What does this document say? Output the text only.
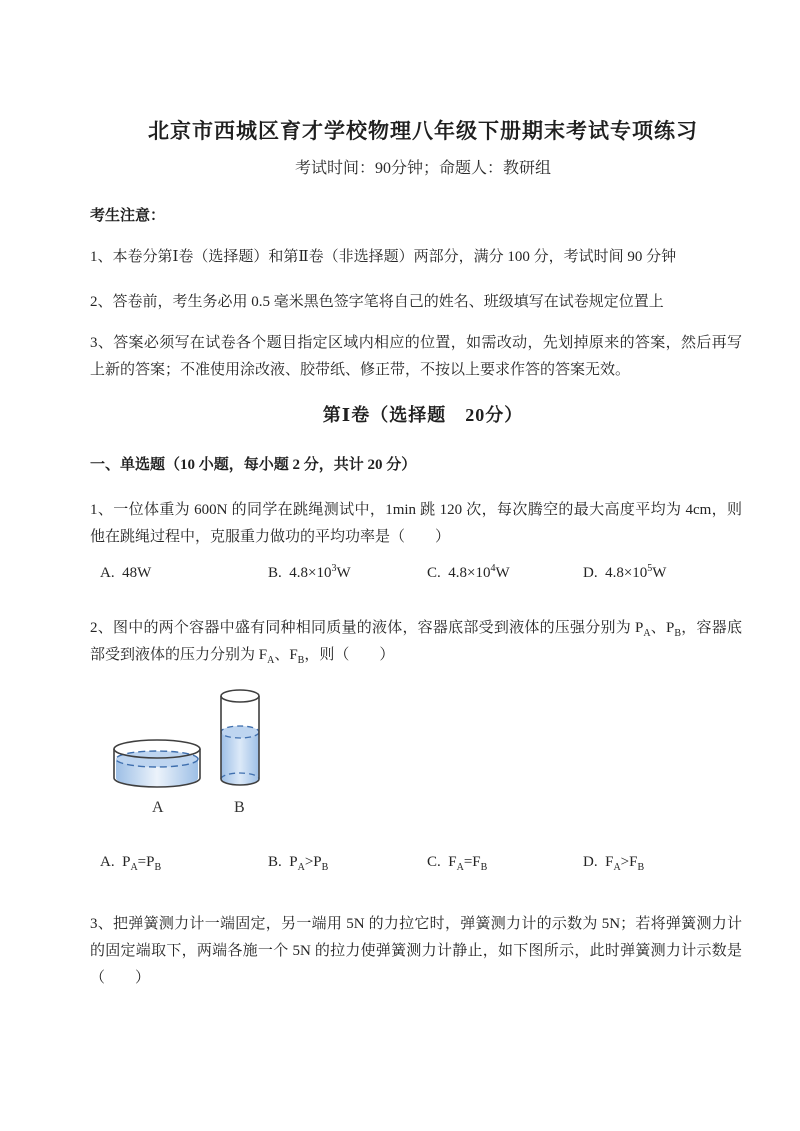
北京市西城区育才学校物理八年级下册期末考试专项练习
考试时间：90分钟；命题人：教研组
考生注意：

1、本卷分第Ⅰ卷（选择题）和第Ⅱ卷（非选择题）两部分，满分 100 分，考试时间 90 分钟

2、答卷前，考生务必用 0.5 毫米黑色签字笔将自己的姓名、班级填写在试卷规定位置上

3、答案必须写在试卷各个题目指定区域内相应的位置，如需改动，先划掉原来的答案，然后再写上新的答案；不准使用涂改液、胶带纸、修正带，不按以上要求作答的答案无效。

第Ⅰ卷（选择题　20分）
一、单选题（10 小题，每小题 2 分，共计 20 分）

1、一位体重为 600N 的同学在跳绳测试中，1min 跳 120 次，每次腾空的最大高度平均为 4cm，则他在跳绳过程中，克服重力做功的平均功率是（　　）

A.  48W	B.  $4.8\times 10^3W$	C.  $4.8\times 10^4W$	D.  $4.8\times 10^5W$

2、图中的两个容器中盛有同种相同质量的液体，容器底部受到液体的压强分别为 $P_A$、$P_B$，容器底部受到液体的压力分别为 $F_A$、$F_B$，则（　　）

A	B
A.  $P_A=P_B$	B.  $P_A>P_B$	C.  $F_A=F_B$	D.  $F_A>F_B$

3、把弹簧测力计一端固定，另一端用 5N 的力拉它时，弹簧测力计的示数为 5N；若将弹簧测力计的固定端取下，两端各施一个 5N 的拉力使弹簧测力计静止，如下图所示，此时弹簧测力计示数是（　　）
